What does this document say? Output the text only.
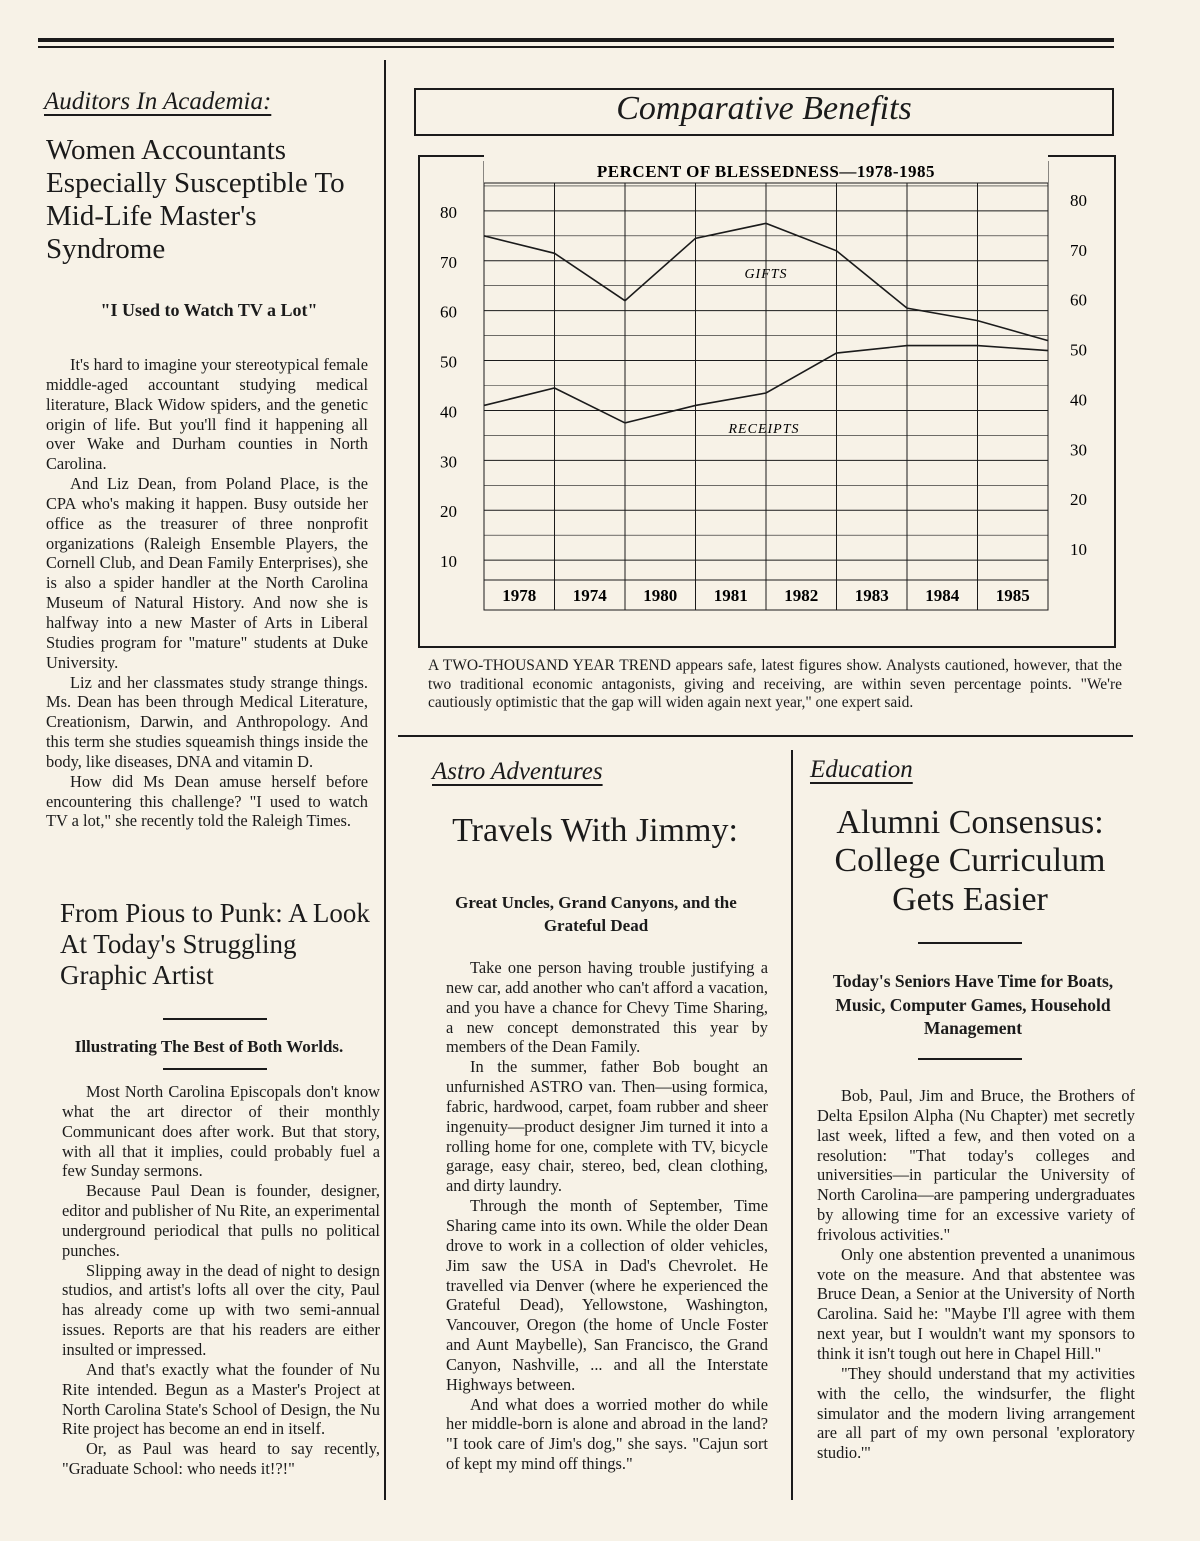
Auditors In Academia:
Women Accountants Especially Susceptible To Mid-Life Master's Syndrome
"I Used to Watch TV a Lot"

It's hard to imagine your stereotypical female middle-aged accountant studying medical literature, Black Widow spiders, and the genetic origin of life. But you'll find it happening all over Wake and Durham counties in North Carolina.

And Liz Dean, from Poland Place, is the CPA who's making it happen. Busy outside her office as the treasurer of three nonprofit organizations (Raleigh Ensemble Players, the Cornell Club, and Dean Family Enterprises), she is also a spider handler at the North Carolina Museum of Natural History. And now she is halfway into a new Master of Arts in Liberal Studies program for "mature" students at Duke University.

Liz and her classmates study strange things. Ms. Dean has been through Medical Literature, Creationism, Darwin, and Anthropology. And this term she studies squeamish things inside the body, like diseases, DNA and vitamin D.

How did Ms Dean amuse herself before encountering this challenge? "I used to watch TV a lot," she recently told the Raleigh Times.

From Pious to Punk: A Look At Today's Struggling Graphic Artist
Illustrating The Best of Both Worlds.

Most North Carolina Episcopals don't know what the art director of their monthly Communicant does after work. But that story, with all that it implies, could probably fuel a few Sunday sermons.

Because Paul Dean is founder, designer, editor and publisher of Nu Rite, an experimental underground periodical that pulls no political punches.

Slipping away in the dead of night to design studios, and artist's lofts all over the city, Paul has already come up with two semi-annual issues. Reports are that his readers are either insulted or impressed.

And that's exactly what the founder of Nu Rite intended. Begun as a Master's Project at North Carolina State's School of Design, the Nu Rite project has become an end in itself.

Or, as Paul was heard to say recently, "Graduate School: who needs it!?!"

Comparative Benefits
PERCENT OF BLESSEDNESS—1978-1985
80
70
60
50
40
30
20
10
80
70
60
50
40
30
20
10
GIFTS
RECEIPTS
1978 1974 1980 1981 1982 1983 1984 1985
A TWO-THOUSAND YEAR TREND appears safe, latest figures show. Analysts cautioned, however, that the two traditional economic antagonists, giving and receiving, are within seven percentage points. "We're cautiously optimistic that the gap will widen again next year," one expert said.
Astro Adventures
Travels With Jimmy:
Great Uncles, Grand Canyons, and the Grateful Dead

Take one person having trouble justifying a new car, add another who can't afford a vacation, and you have a chance for Chevy Time Sharing, a new concept demonstrated this year by members of the Dean Family.

In the summer, father Bob bought an unfurnished ASTRO van. Then—using formica, fabric, hardwood, carpet, foam rubber and sheer ingenuity—product designer Jim turned it into a rolling home for one, complete with TV, bicycle garage, easy chair, stereo, bed, clean clothing, and dirty laundry.

Through the month of September, Time Sharing came into its own. While the older Dean drove to work in a collection of older vehicles, Jim saw the USA in Dad's Chevrolet. He travelled via Denver (where he experienced the Grateful Dead), Yellowstone, Washington, Vancouver, Oregon (the home of Uncle Foster and Aunt Maybelle), San Francisco, the Grand Canyon, Nashville, ... and all the Interstate Highways between.

And what does a worried mother do while her middle-born is alone and abroad in the land? "I took care of Jim's dog," she says. "Cajun sort of kept my mind off things."

Education
Alumni Consensus: College Curriculum Gets Easier
Today's Seniors Have Time for Boats, Music, Computer Games, Household Management

Bob, Paul, Jim and Bruce, the Brothers of Delta Epsilon Alpha (Nu Chapter) met secretly last week, lifted a few, and then voted on a resolution: "That today's colleges and universities—in particular the University of North Carolina—are pampering undergraduates by allowing time for an excessive variety of frivolous activities."

Only one abstention prevented a unanimous vote on the measure. And that abstentee was Bruce Dean, a Senior at the University of North Carolina. Said he: "Maybe I'll agree with them next year, but I wouldn't want my sponsors to think it isn't tough out here in Chapel Hill."

"They should understand that my activities with the cello, the windsurfer, the flight simulator and the modern living arrangement are all part of my own personal 'exploratory studio.'"
